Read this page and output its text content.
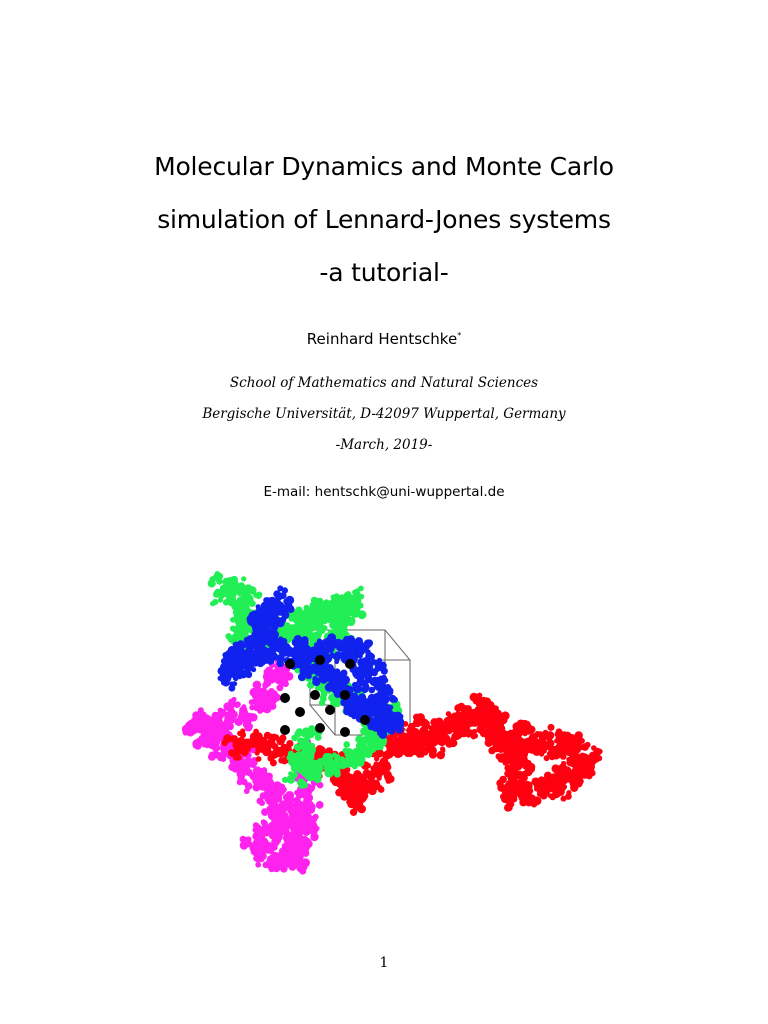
Molecular Dynamics and Monte Carlo
simulation of Lennard-Jones systems
-a tutorial-
Reinhard Hentschke*
School of Mathematics and Natural Sciences
Bergische Universität, D-42097 Wuppertal, Germany
-March, 2019-
E-mail: hentschk@uni-wuppertal.de
1
